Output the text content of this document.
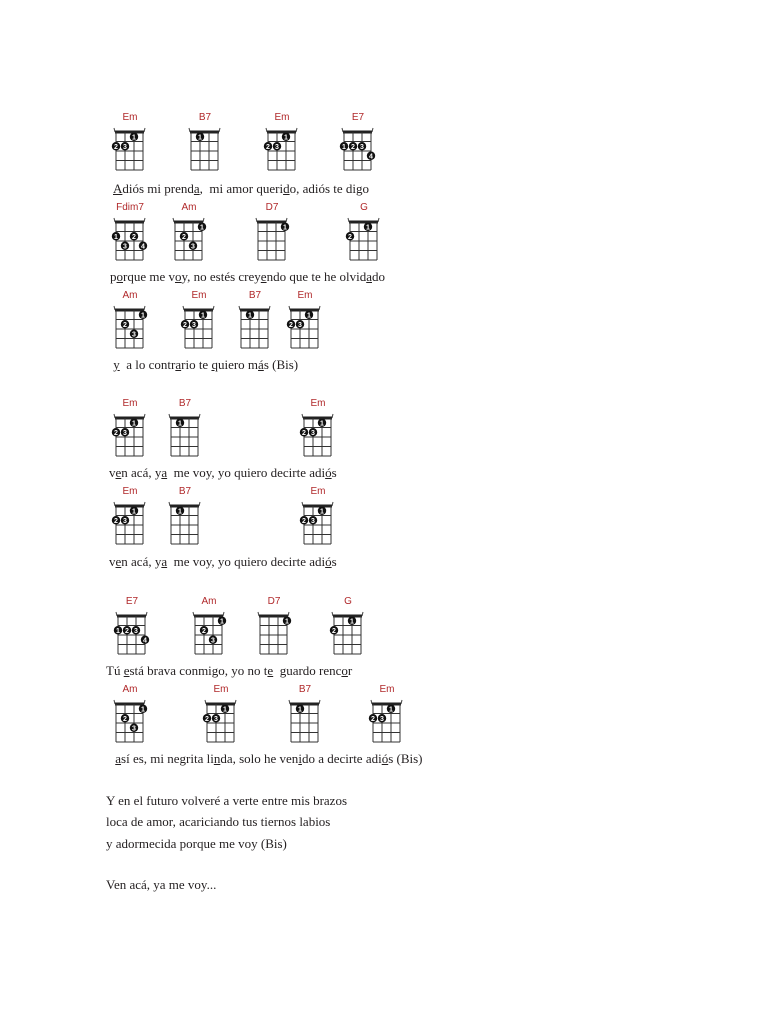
Em
1
2 3
B7
1
Em
1
2 3
E7
1 2 3
4
Adiós mi prenda,  mi amor querido, adiós te digo
Fdim7
1 2
3 4
Am
1
2
3
D7
1
G
1
2
porque me voy, no estés creyendo que te he olvidado
Am
1
2
3
Em
1
2 3
B7
1
Em
1
2 3
y  a lo contrario te quiero más (Bis)
Em
1
2 3
B7
1
Em
1
2 3
ven acá, ya  me voy, yo quiero decirte adiós
Em
1
2 3
B7
1
Em
1
2 3
ven acá, ya  me voy, yo quiero decirte adiós
E7
1 2 3
4
Am
1
2
3
D7
1
G
1
2
Tú está brava conmigo, yo no te  guardo rencor
Am
1
2
3
Em
1
2 3
B7
1
Em
1
2 3
así es, mi negrita linda, solo he venido a decirte adiós (Bis)
Y en el futuro volveré a verte entre mis brazos
loca de amor, acariciando tus tiernos labios
y adormecida porque me voy (Bis)
Ven acá, ya me voy...
